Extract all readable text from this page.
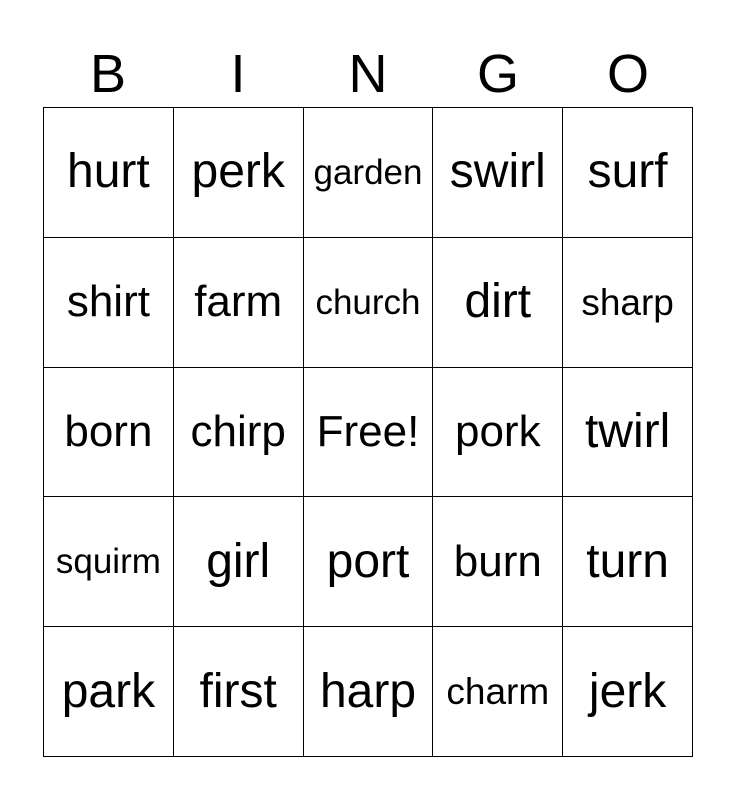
B	I	N	G	O
hurt perk garden swirl surf
shirt	farm church dirt	sharp
born chirp Free! pork twirl
squirm girl	port	burn turn
park first harp charm jerk
